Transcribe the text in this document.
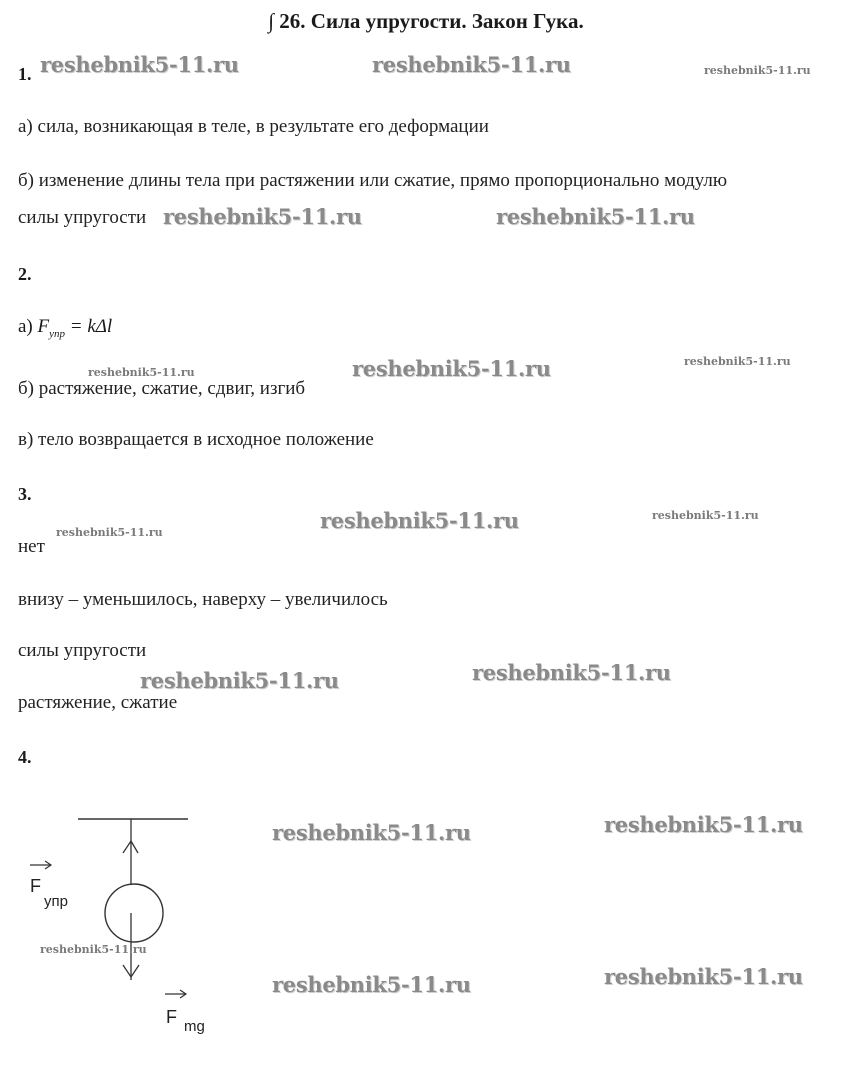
∫ 26. Сила упругости. Закон Гука.
1.
а) сила, возникающая в теле, в результате его деформации
б) изменение длины тела при растяжении или сжатие, прямо пропорционально модулю
силы упругости
2.
а) $F_{упр} = k\Delta l$
б) растяжение, сжатие, сдвиг, изгиб
в) тело возвращается в исходное положение
3.
нет
внизу – уменьшилось, наверху – увеличилось
силы упругости
растяжение, сжатие
4.
F
упр
F mg
reshebnik5-11.ru	reshebnik5-11.ru	reshebnik5-11.ru
reshebnik5-11.ru	reshebnik5-11.ru
reshebnik5-11.ru	reshebnik5-11.ru	reshebnik5-11.ru
reshebnik5-11.ru	reshebnik5-11.ru	reshebnik5-11.ru
reshebnik5-11.ru	reshebnik5-11.ru
reshebnik5-11.ru	reshebnik5-11.ru
reshebnik5-11.ru
reshebnik5-11.ru	reshebnik5-11.ru
